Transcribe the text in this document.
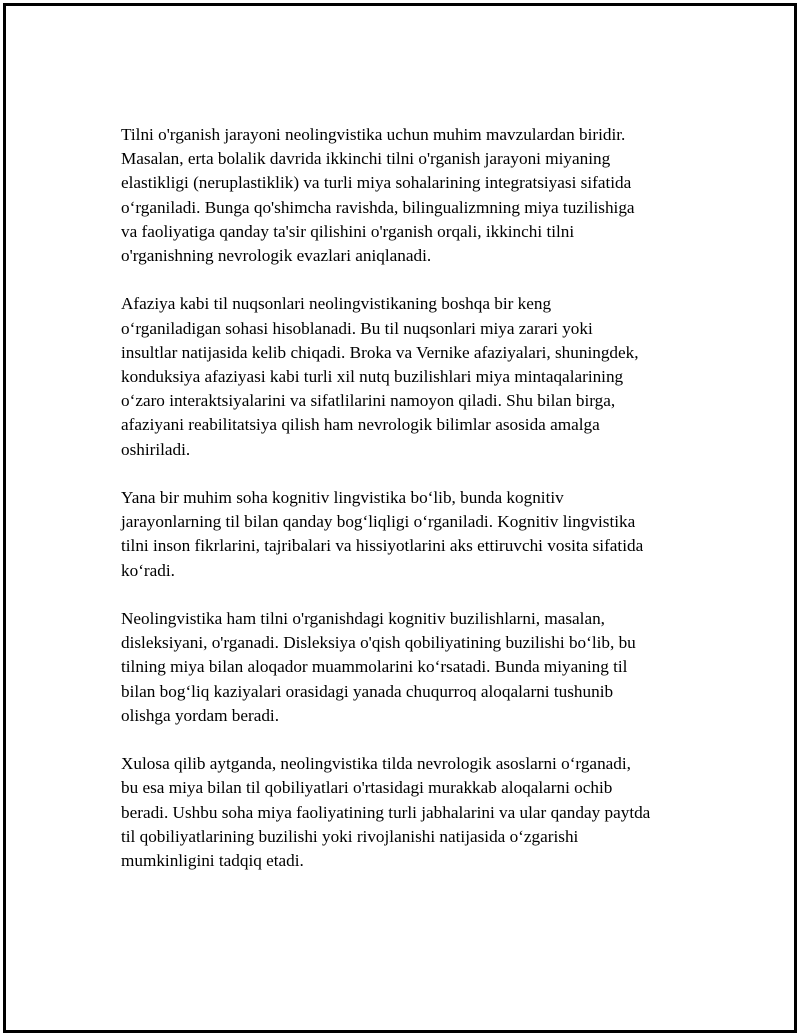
Tilni o'rganish jarayoni neolingvistika uchun muhim mavzulardan biridir.
Masalan, erta bolalik davrida ikkinchi tilni o'rganish jarayoni miyaning
elastikligi (neruplastiklik) va turli miya sohalarining integratsiyasi sifatida
o‘rganiladi. Bunga qo'shimcha ravishda, bilingualizmning miya tuzilishiga
va faoliyatiga qanday ta'sir qilishini o'rganish orqali, ikkinchi tilni
o'rganishning nevrologik evazlari aniqlanadi.

Afaziya kabi til nuqsonlari neolingvistikaning boshqa bir keng
o‘rganiladigan sohasi hisoblanadi. Bu til nuqsonlari miya zarari yoki
insultlar natijasida kelib chiqadi. Broka va Vernike afaziyalari, shuningdek,
konduksiya afaziyasi kabi turli xil nutq buzilishlari miya mintaqalarining
o‘zaro interaktsiyalarini va sifatlilarini namoyon qiladi. Shu bilan birga,
afaziyani reabilitatsiya qilish ham nevrologik bilimlar asosida amalga
oshiriladi.

Yana bir muhim soha kognitiv lingvistika bo‘lib, bunda kognitiv
jarayonlarning til bilan qanday bog‘liqligi o‘rganiladi. Kognitiv lingvistika
tilni inson fikrlarini, tajribalari va hissiyotlarini aks ettiruvchi vosita sifatida
ko‘radi.

Neolingvistika ham tilni o'rganishdagi kognitiv buzilishlarni, masalan,
disleksiyani, o'rganadi. Disleksiya o'qish qobiliyatining buzilishi bo‘lib, bu
tilning miya bilan aloqador muammolarini ko‘rsatadi. Bunda miyaning til
bilan bog‘liq kaziyalari orasidagi yanada chuqurroq aloqalarni tushunib
olishga yordam beradi.

Xulosa qilib aytganda, neolingvistika tilda nevrologik asoslarni o‘rganadi,
bu esa miya bilan til qobiliyatlari o'rtasidagi murakkab aloqalarni ochib
beradi. Ushbu soha miya faoliyatining turli jabhalarini va ular qanday paytda
til qobiliyatlarining buzilishi yoki rivojlanishi natijasida o‘zgarishi
mumkinligini tadqiq etadi.
